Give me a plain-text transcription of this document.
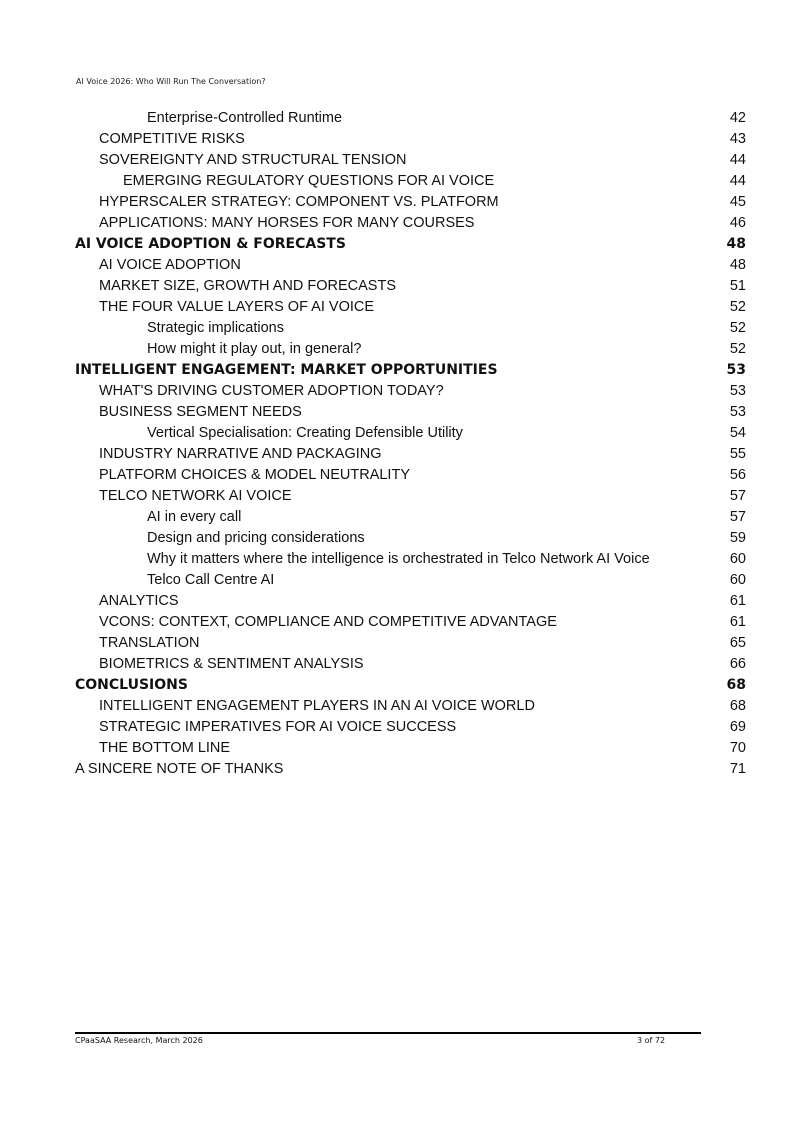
AI Voice 2026: Who Will Run The Conversation?
Enterprise-Controlled Runtime	42
COMPETITIVE RISKS	43
SOVEREIGNTY AND STRUCTURAL TENSION	44
EMERGING REGULATORY QUESTIONS FOR AI VOICE	44
HYPERSCALER STRATEGY: COMPONENT VS. PLATFORM	45
APPLICATIONS: MANY HORSES FOR MANY COURSES	46
AI VOICE ADOPTION & FORECASTS	48
AI VOICE ADOPTION	48
MARKET SIZE, GROWTH AND FORECASTS	51
THE FOUR VALUE LAYERS OF AI VOICE	52
Strategic implications	52
How might it play out, in general?	52
INTELLIGENT ENGAGEMENT: MARKET OPPORTUNITIES	53
WHAT'S DRIVING CUSTOMER ADOPTION TODAY?	53
BUSINESS SEGMENT NEEDS	53
Vertical Specialisation: Creating Defensible Utility	54
INDUSTRY NARRATIVE AND PACKAGING	55
PLATFORM CHOICES & MODEL NEUTRALITY	56
TELCO NETWORK AI VOICE	57
AI in every call	57
Design and pricing considerations	59
Why it matters where the intelligence is orchestrated in Telco Network AI Voice	60
Telco Call Centre AI	60
ANALYTICS	61
VCONS: CONTEXT, COMPLIANCE AND COMPETITIVE ADVANTAGE	61
TRANSLATION	65
BIOMETRICS & SENTIMENT ANALYSIS	66
CONCLUSIONS	68
INTELLIGENT ENGAGEMENT PLAYERS IN AN AI VOICE WORLD	68
STRATEGIC IMPERATIVES FOR AI VOICE SUCCESS	69
THE BOTTOM LINE	70
A SINCERE NOTE OF THANKS	71
CPaaSAA Research, March 2026	3 of 72
